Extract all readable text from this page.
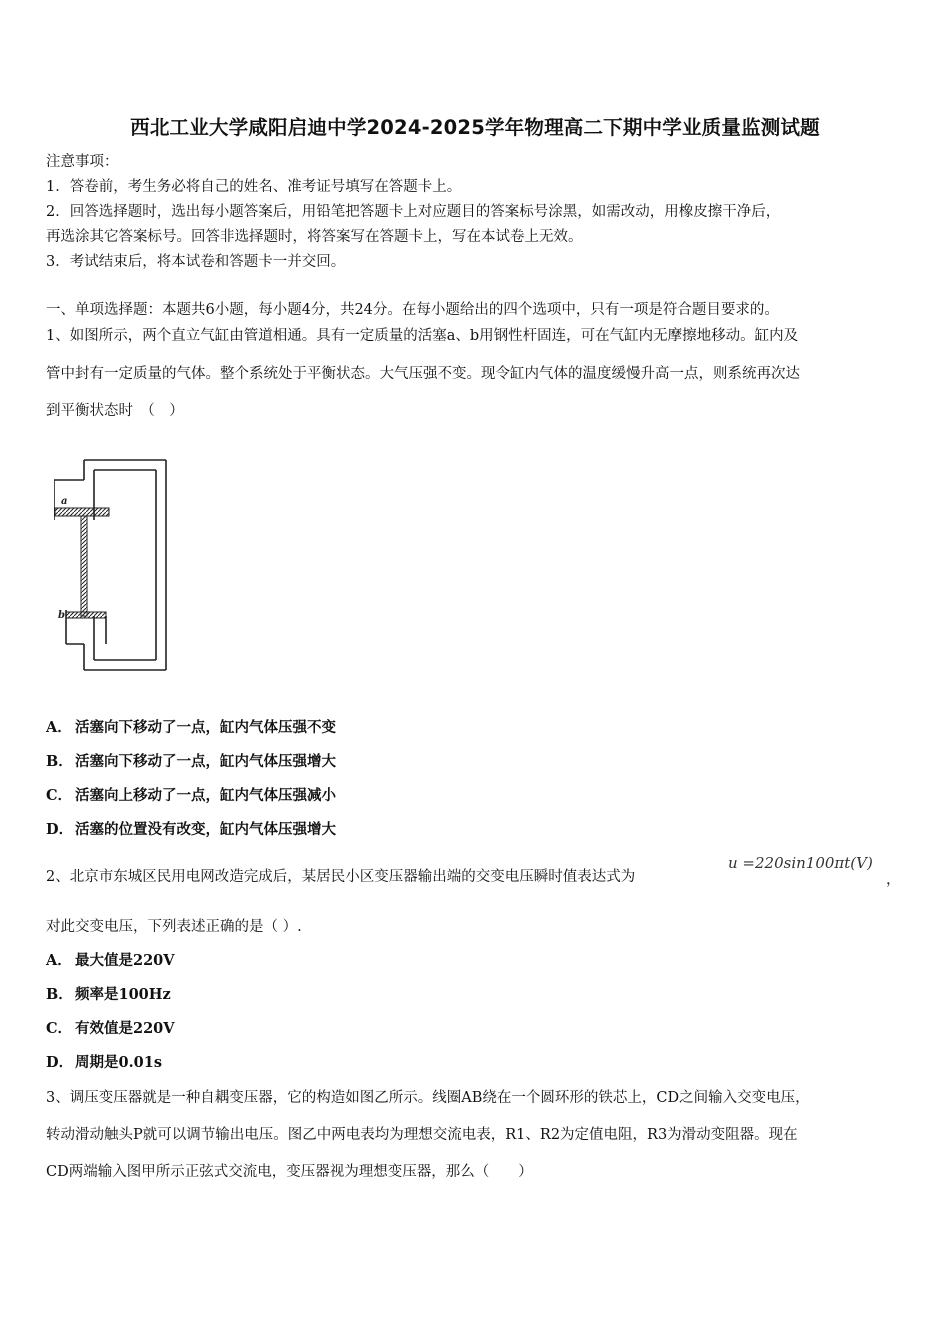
西北工业大学咸阳启迪中学2024-2025学年物理高二下期中学业质量监测试题
注意事项：
1．答卷前，考生务必将自己的姓名、准考证号填写在答题卡上。
2．回答选择题时，选出每小题答案后，用铅笔把答题卡上对应题目的答案标号涂黑，如需改动，用橡皮擦干净后，
再选涂其它答案标号。回答非选择题时，将答案写在答题卡上，写在本试卷上无效。
3．考试结束后，将本试卷和答题卡一并交回。
一、单项选择题：本题共6小题，每小题4分，共24分。在每小题给出的四个选项中，只有一项是符合题目要求的。
1、如图所示，两个直立气缸由管道相通。具有一定质量的活塞a、b用钢性杆固连，可在气缸内无摩擦地移动。缸内及
管中封有一定质量的气体。整个系统处于平衡状态。大气压强不变。现令缸内气体的温度缓慢升高一点，则系统再次达
到平衡状态时　（　）
a
b
A． 活塞向下移动了一点，缸内气体压强不变
B． 活塞向下移动了一点，缸内气体压强增大
C． 活塞向上移动了一点，缸内气体压强减小
D． 活塞的位置没有改变，缸内气体压强增大
2、北京市东城区民用电网改造完成后，某居民小区变压器输出端的交变电压瞬时值表达式为
u =220sin100πt(V)
，
对此交变电压，下列表述正确的是（ ）.
A． 最大值是220V
B． 频率是100Hz
C． 有效值是220V
D． 周期是0.01s
3、调压变压器就是一种自耦变压器，它的构造如图乙所示。线圈AB绕在一个圆环形的铁芯上，CD之间输入交变电压，
转动滑动触头P就可以调节输出电压。图乙中两电表均为理想交流电表，R1、R2为定值电阻，R3为滑动变阻器。现在
CD两端输入图甲所示正弦式交流电，变压器视为理想变压器，那么（　　）
